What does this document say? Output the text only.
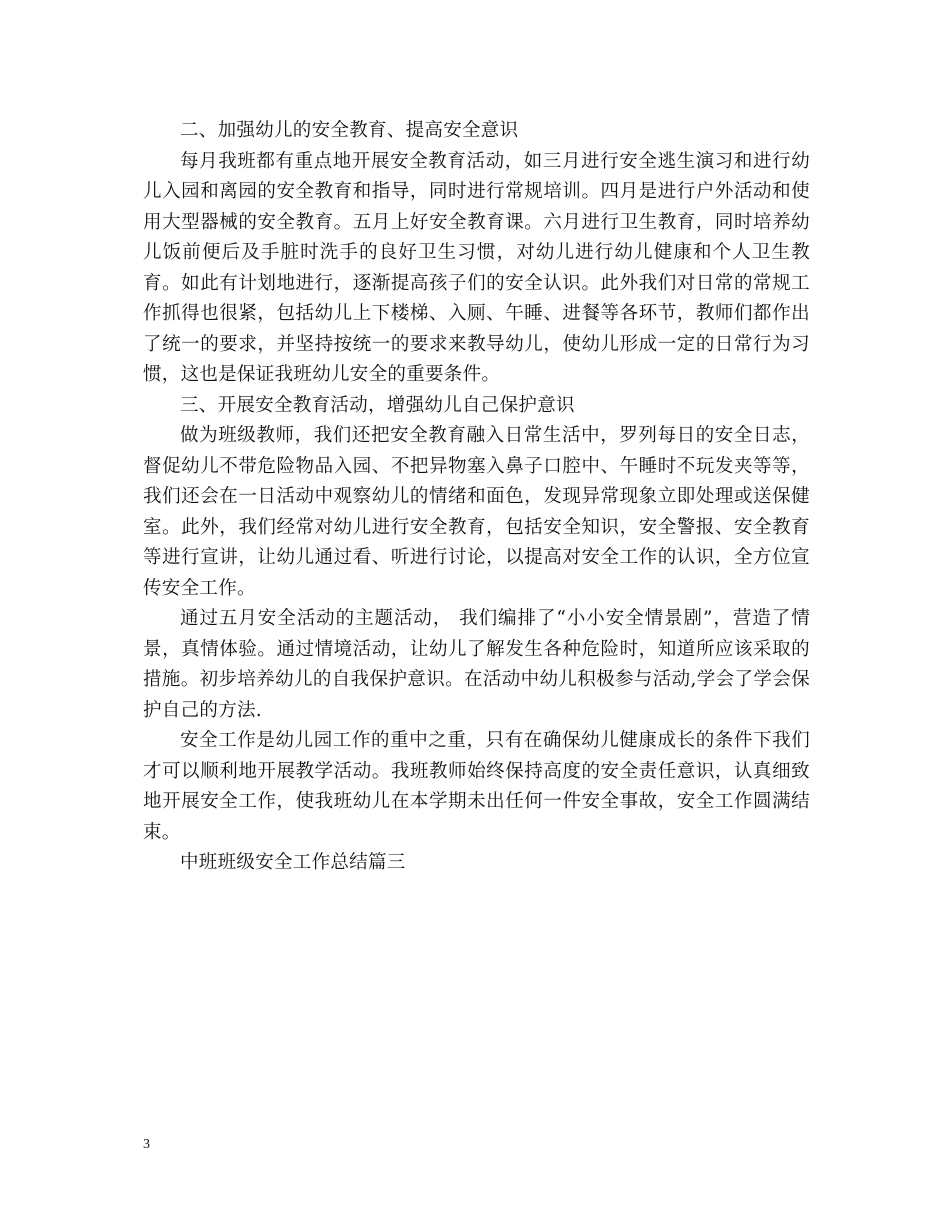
二、加强幼儿的安全教育、提高安全意识

每月我班都有重点地开展安全教育活动，如三月进行安全逃生演习和进行幼儿入园和离园的安全教育和指导，同时进行常规培训。四月是进行户外活动和使用大型器械的安全教育。五月上好安全教育课。六月进行卫生教育，同时培养幼儿饭前便后及手脏时洗手的良好卫生习惯，对幼儿进行幼儿健康和个人卫生教育。如此有计划地进行，逐渐提高孩子们的安全认识。此外我们对日常的常规工作抓得也很紧，包括幼儿上下楼梯、入厕、午睡、进餐等各环节，教师们都作出了统一的要求，并坚持按统一的要求来教导幼儿，使幼儿形成一定的日常行为习惯，这也是保证我班幼儿安全的重要条件。

三、开展安全教育活动，增强幼儿自己保护意识

做为班级教师，我们还把安全教育融入日常生活中，罗列每日的安全日志，督促幼儿不带危险物品入园、不把异物塞入鼻子口腔中、午睡时不玩发夹等等，我们还会在一日活动中观察幼儿的情绪和面色，发现异常现象立即处理或送保健室。此外，我们经常对幼儿进行安全教育，包括安全知识，安全警报、安全教育等进行宣讲，让幼儿通过看、听进行讨论，以提高对安全工作的认识，全方位宣传安全工作。

通过五月安全活动的主题活动， 我们编排了“小小安全情景剧”，营造了情景，真情体验。通过情境活动，让幼儿了解发生各种危险时，知道所应该采取的措施。初步培养幼儿的自我保护意识。在活动中幼儿积极参与活动,学会了学会保护自己的方法.

安全工作是幼儿园工作的重中之重，只有在确保幼儿健康成长的条件下我们才可以顺利地开展教学活动。我班教师始终保持高度的安全责任意识，认真细致地开展安全工作，使我班幼儿在本学期未出任何一件安全事故，安全工作圆满结束。

中班班级安全工作总结篇三

3
